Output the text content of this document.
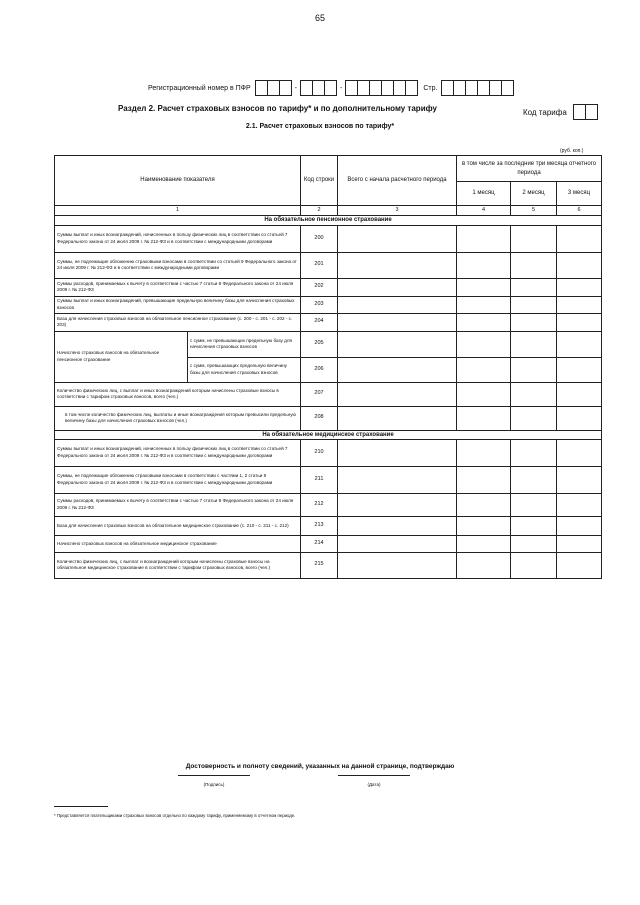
65
Регистрационный номер в ПФР	-	-	Стр.
Раздел 2. Расчет страховых взносов по тарифу* и по дополнительному тарифу	Код тарифа
2.1. Расчет страховых взносов по тарифу*
(руб. коп.)
Наименование показателя		Код строки	Всего с начала расчетного периода	в том числе за последние три месяца отчетного периода		
				1 месяц	2 месяц	3 месяц
1		2	3	4	5	6
На обязательное пенсионное страхование						
Суммы выплат и иных вознаграждений, начисленных в пользу физических лиц в соответствии со статьей 7 Федерального закона от 24 июля 2009 г. № 212-ФЗ и в соответствии с международными договорами		200				
Суммы, не подлежащие обложению страховыми взносами в соответствии со статьей 9 Федерального закона от 24 июля 2009 г. № 212-ФЗ и в соответствии с международными договорами		201				
Суммы расходов, принимаемых к вычету в соответствии с частью 7 статьи 8 Федерального закона от 24 июля 2009 г. № 212-ФЗ		202				
Суммы выплат и иных вознаграждений, превышающие предельную величину базы для начисления страховых взносов		203				
База для начисления страховых взносов на обязательное пенсионное страхование (с. 200 - с. 201 - с. 202 - с. 203)		204				
Начислено страховых взносов на обязательное пенсионное страхование	с сумм, не превышающих предельную базу для начисления страховых взносов	205				
	с сумм, превышающих предельную величину базы для начисления страховых взносов	206				
Количество физических лиц, с выплат и иных вознаграждений которым начислены страховые взносы в соответствии с тарифом страховых взносов, всего (чел.)		207				
в том числе количество физических лиц, выплаты и иные вознаграждения которым превысили предельную величину базы для начисления страховых взносов (чел.)		208				
На обязательное медицинское страхование						
Суммы выплат и иных вознаграждений, начисленных в пользу физических лиц в соответствии со статьей 7 Федерального закона от 24 июля 2009 г. № 212-ФЗ и в соответствии с международными договорами		210				
Суммы, не подлежащие обложению страховыми взносами в соответствии с частями 1, 2 статьи 9 Федерального закона от 24 июля 2009 г. № 212-ФЗ и в соответствии с международными договорами		211				
Суммы расходов, принимаемых к вычету в соответствии с частью 7 статьи 8 Федерального закона от 24 июля 2009 г. № 212-ФЗ		212				
База для начисления страховых взносов на обязательное медицинское страхование (с. 210 - с. 211 - с. 212)		213				
Начислено страховых взносов на обязательное медицинское страхование		214				
Количество физических лиц, с выплат и вознаграждений которым начислены страховые взносы на обязательное медицинское страхование в соответствии с тарифом страховых взносов, всего (чел.)		215				
Достоверность и полноту сведений, указанных на данной странице, подтверждаю
(Подпись)	(Дата)
* Представляется плательщиками страховых взносов отдельно по каждому тарифу, применяемому в отчетном периоде.
